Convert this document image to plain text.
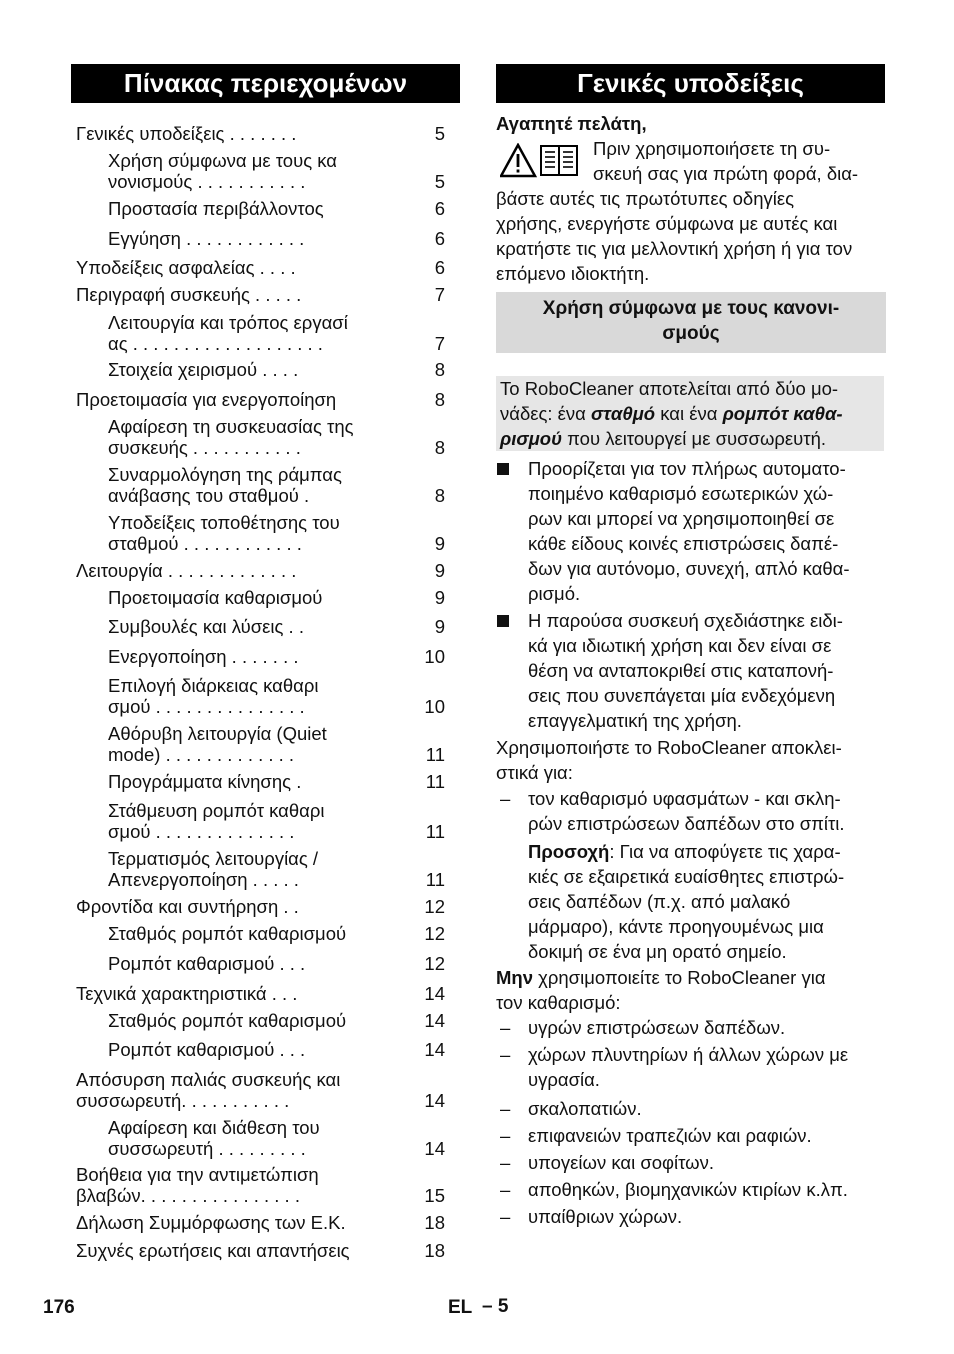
Πίνακας περιεχομένων
Γενικές υποδείξεις . . . . . . .	5
Χρήση σύμφωνα με τους κα
νονισμούς . . . . . . . . . . .	5
Προστασία περιβάλλοντος	6
Εγγύηση . . . . . . . . . . . .	6
Υποδείξεις ασφαλείας . . . .	6
Περιγραφή συσκευής . . . . .	7
Λειτουργία και τρόπος εργασί
ας . . . . . . . . . . . . . . . . . . .	7
Στοιχεία χειρισμού . . . .	8
Προετοιμασία για ενεργοποίηση	8
Αφαίρεση τη συσκευασίας της
συσκευής . . . . . . . . . . .	8
Συναρμολόγηση της ράμπας
ανάβασης του σταθμού .	8
Υποδείξεις τοποθέτησης του
σταθμού . . . . . . . . . . . .	9
Λειτουργία . . . . . . . . . . . . .	9
Προετοιμασία καθαρισμού	9
Συμβουλές και λύσεις . .	9
Ενεργοποίηση . . . . . . .	10
Επιλογή διάρκειας καθαρι
σμού . . . . . . . . . . . . . . .	10
Αθόρυβη λειτουργία (Quiet
mode) . . . . . . . . . . . . .	11
Προγράμματα κίνησης .	11
Στάθμευση ρομπότ καθαρι
σμού . . . . . . . . . . . . . .	11
Τερματισμός λειτουργίας /
Απενεργοποίηση . . . . .	11
Φροντίδα και συντήρηση . .	12
Σταθμός ρομπότ καθαρισμού	12
Ρομπότ καθαρισμού . . .	12
Τεχνικά χαρακτηριστικά . . .	14
Σταθμός ρομπότ καθαρισμού	14
Ρομπότ καθαρισμού . . .	14
Απόσυρση παλιάς συσκευής και
συσσωρευτή. . . . . . . . . . .	14
Αφαίρεση και διάθεση του
συσσωρευτή . . . . . . . . .	14
Βοήθεια για την αντιμετώπιση
βλαβών. . . . . . . . . . . . . . . .	15
Δήλωση Συμμόρφωσης των Ε.Κ.	18
Συχνές ερωτήσεις και απαντήσεις	18
Γενικές υποδείξεις
Αγαπητέ πελάτη,
Πριν χρησιμοποιήσετε τη συ-
σκευή σας για πρώτη φορά, δια-
βάστε αυτές τις πρωτότυπες οδηγίες
χρήσης, ενεργήστε σύμφωνα με αυτές και
κρατήστε τις για μελλοντική χρήση ή για τον
επόμενο ιδιοκτήτη.
Χρήση σύμφωνα με τους κανονι-
σμούς
Το RoboCleaner αποτελείται από δύο μο-
νάδες: ένα σταθμό και ένα ρομπότ καθα-
ρισμού που λειτουργεί με συσσωρευτή.
Προορίζεται για τον πλήρως αυτοματο-
ποιημένο καθαρισμό εσωτερικών χώ-
ρων και μπορεί να χρησιμοποιηθεί σε
κάθε είδους κοινές επιστρώσεις δαπέ-
δων για αυτόνομο, συνεχή, απλό καθα-
ρισμό.
Η παρούσα συσκευή σχεδιάστηκε ειδι-
κά για ιδιωτική χρήση και δεν είναι σε
θέση να ανταποκριθεί στις καταπονή-
σεις που συνεπάγεται μία ενδεχόμενη
επαγγελματική της χρήση.
Χρησιμοποιήστε το RoboCleaner αποκλει-
στικά για:
– τον καθαρισμό υφασμάτων - και σκλη-
ρών επιστρώσεων δαπέδων στο σπίτι.
Προσοχή: Για να αποφύγετε τις χαρα-
κιές σε εξαιρετικά ευαίσθητες επιστρώ-
σεις δαπέδων (π.χ. από μαλακό
μάρμαρο), κάντε προηγουμένως μια
δοκιμή σε ένα μη ορατό σημείο.
Μην χρησιμοποιείτε το RoboCleaner για
τον καθαρισμό:
– υγρών επιστρώσεων δαπέδων.
– χώρων πλυντηρίων ή άλλων χώρων με
υγρασία.
– σκαλοπατιών.
– επιφανειών τραπεζιών και ραφιών.
– υπογείων και σοφίτων.
– αποθηκών, βιομηχανικών κτιρίων κ.λπ.
– υπαίθριων χώρων.
176	EL – 5
